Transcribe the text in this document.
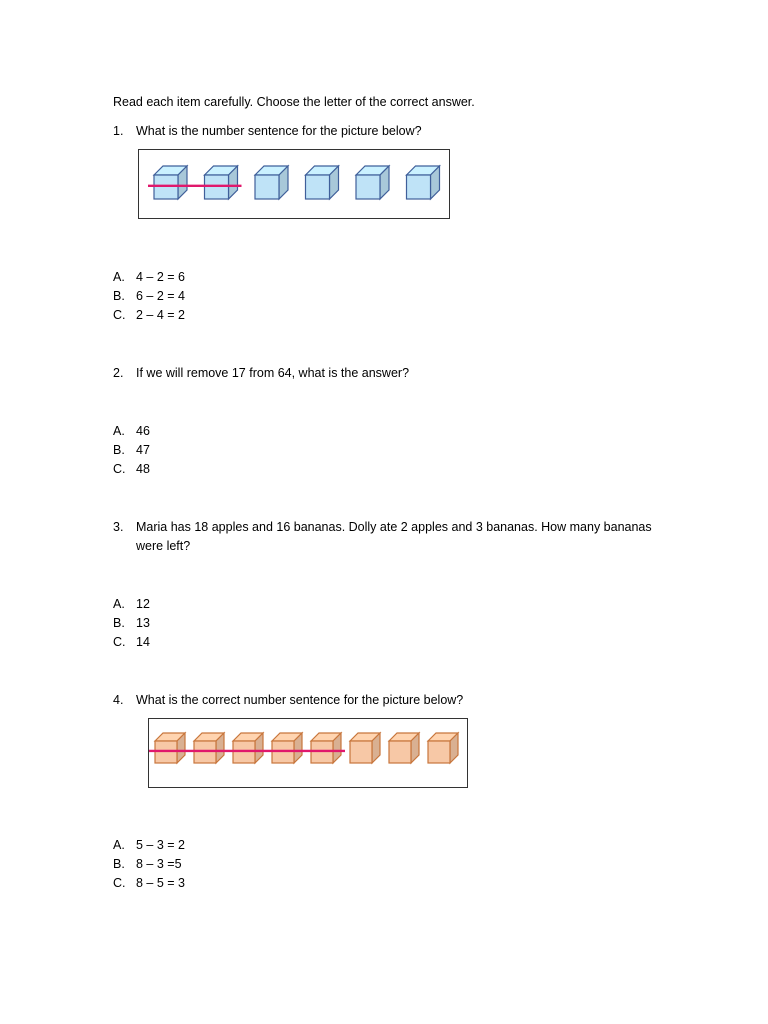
Read each item carefully. Choose the letter of the correct answer.
1. What is the number sentence for the picture below?
A. 4 – 2 = 6
B. 6 – 2 = 4
C. 2 – 4 = 2
2. If we will remove 17 from 64, what is the answer?
A. 46
B. 47
C. 48
3. Maria has 18 apples and 16 bananas. Dolly ate 2 apples and 3 bananas. How many bananas
were left?
A. 12
B. 13
C. 14
4. What is the correct number sentence for the picture below?
A. 5 – 3 = 2
B. 8 – 3 =5
C. 8 – 5 = 3
